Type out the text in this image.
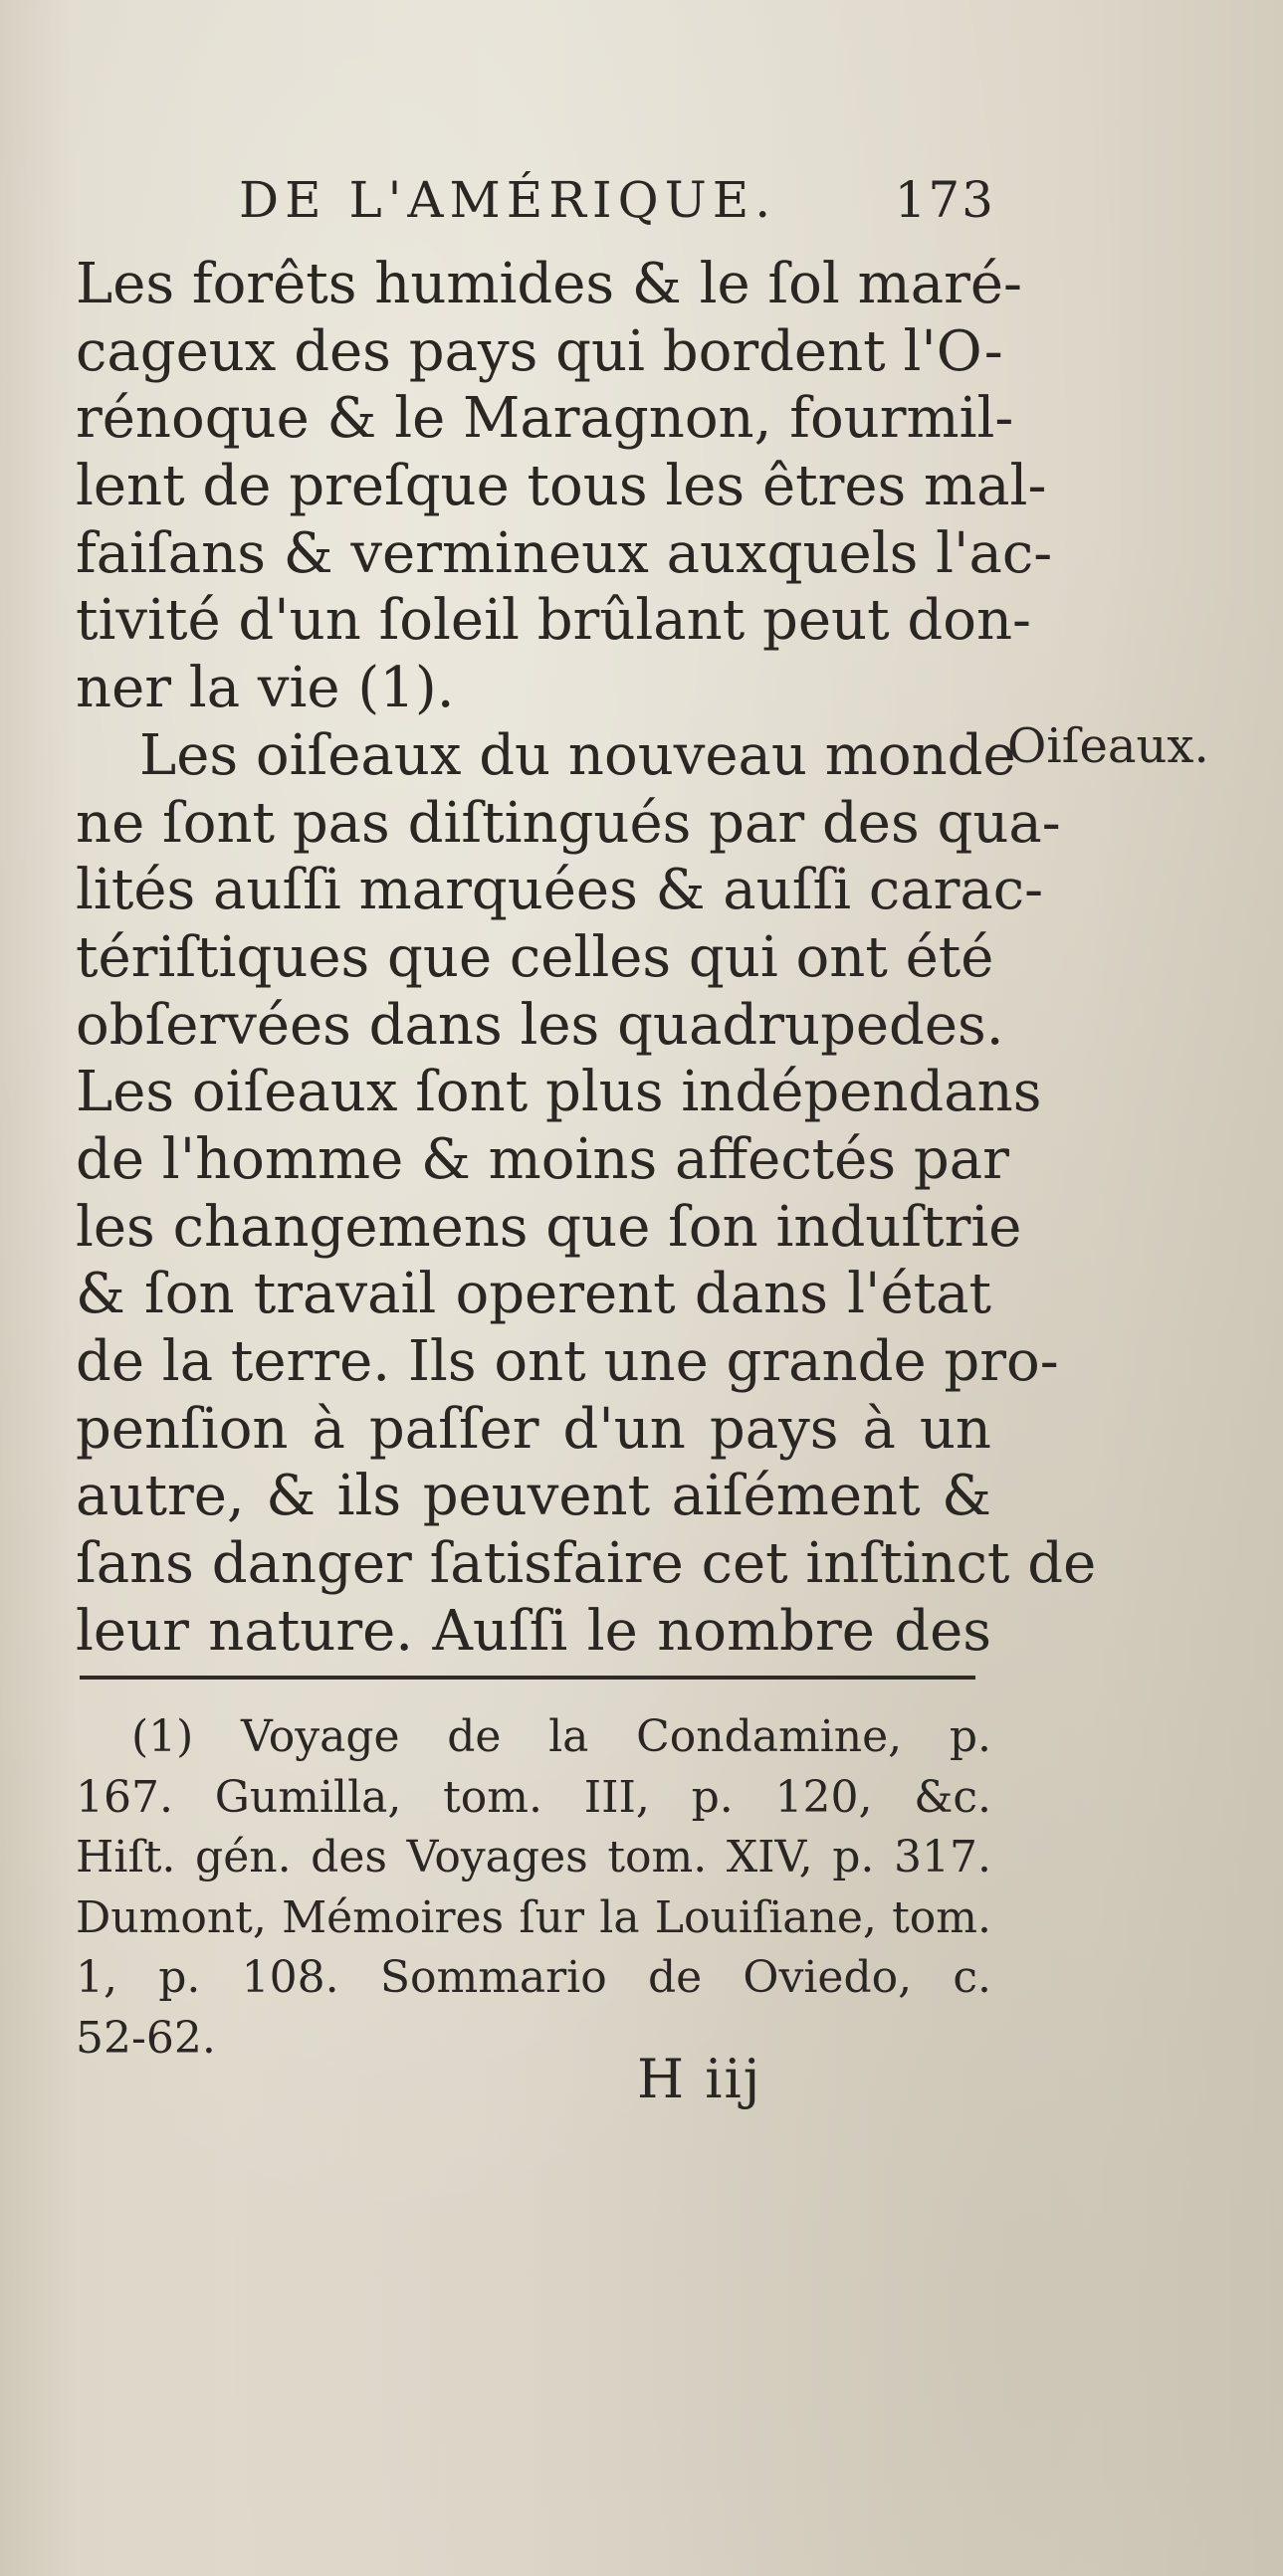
DE L'AMÉRIQUE. 173
Les forêts humides & le ſol maré-
cageux des pays qui bordent l'O-
rénoque & le Maragnon, fourmil-
lent de preſque tous les êtres mal-
faiſans & vermineux auxquels l'ac-
tivité d'un ſoleil brûlant peut don-
ner la vie (1).
Les oiſeaux du nouveau monde
ne ſont pas diſtingués par des qua-
lités auſſi marquées & auſſi carac-
tériſtiques que celles qui ont été
obſervées dans les quadrupedes.
Les oiſeaux ſont plus indépendans
de l'homme & moins affectés par
les changemens que ſon induſtrie
& ſon travail operent dans l'état
de la terre. Ils ont une grande pro-
penſion à paſſer d'un pays à un
autre, & ils peuvent aiſément &
ſans danger ſatisfaire cet inſtinct de
leur nature. Auſſi le nombre des
Oiſeaux.
(1) Voyage de la Condamine, p.
167. Gumilla, tom. III, p. 120, &c.
Hiſt. gén. des Voyages tom. XIV, p. 317.
Dumont, Mémoires ſur la Louiſiane, tom.
1, p. 108. Sommario de Oviedo, c.
52-62.
H iij
